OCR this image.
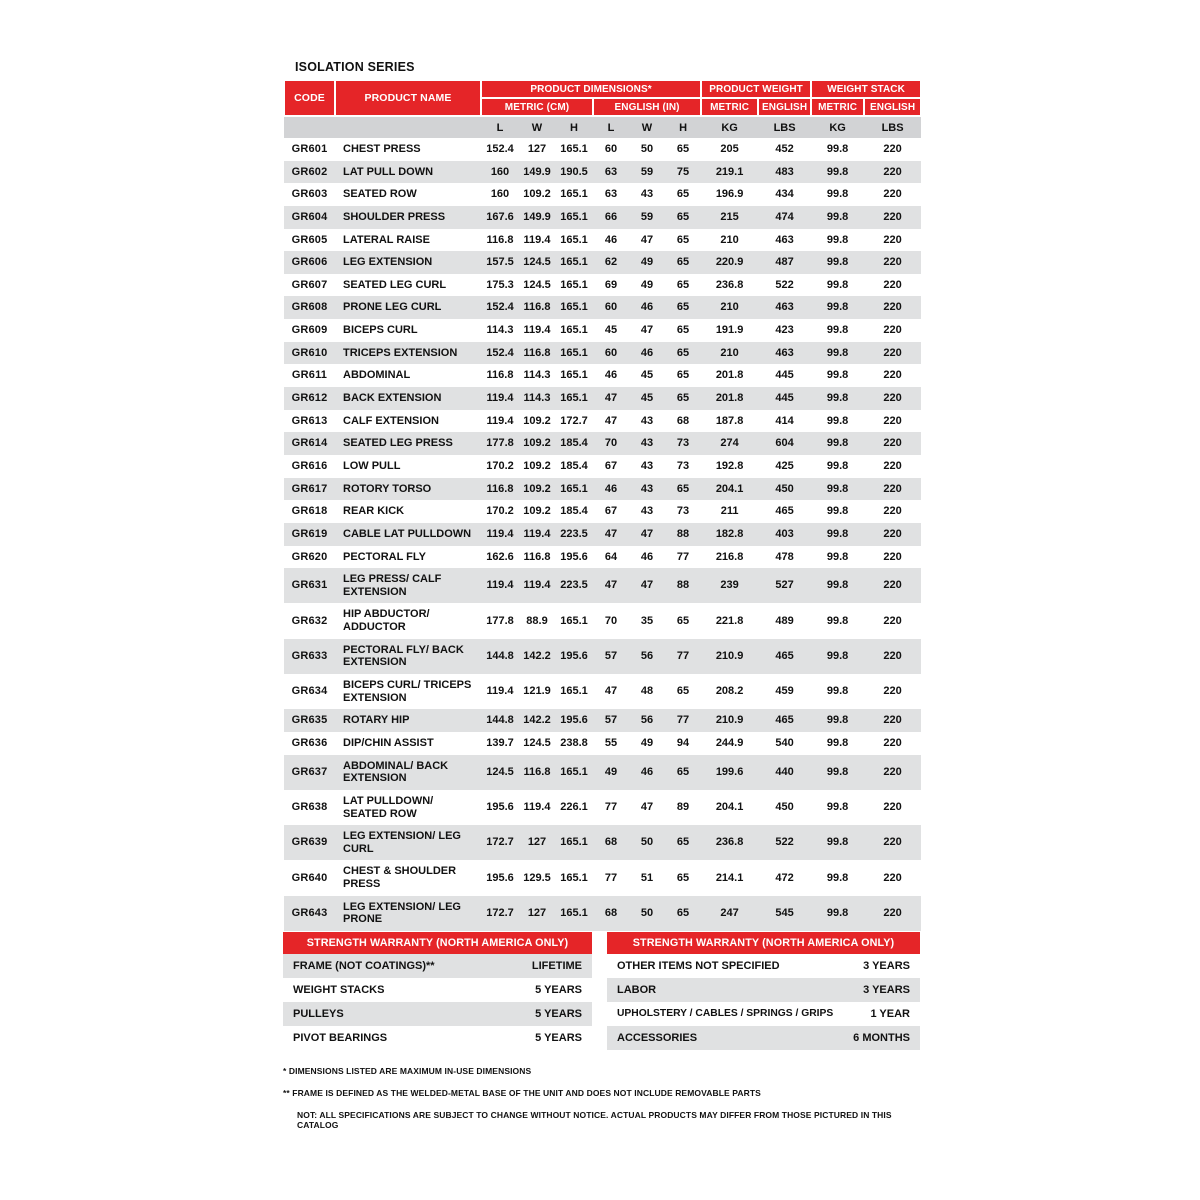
ISOLATION SERIES
CODE	PRODUCT NAME	PRODUCT DIMENSIONS*						PRODUCT WEIGHT		WEIGHT STACK	
		METRIC (CM)			ENGLISH (IN)			METRIC	ENGLISH	METRIC	ENGLISH
		L	W	H	L	W	H	KG	LBS	KG	LBS
GR601	CHEST PRESS	152.4	127	165.1	60	50	65	205	452	99.8	220
GR602	LAT PULL DOWN	160	149.9	190.5	63	59	75	219.1	483	99.8	220
GR603	SEATED ROW	160	109.2	165.1	63	43	65	196.9	434	99.8	220
GR604	SHOULDER PRESS	167.6	149.9	165.1	66	59	65	215	474	99.8	220
GR605	LATERAL RAISE	116.8	119.4	165.1	46	47	65	210	463	99.8	220
GR606	LEG EXTENSION	157.5	124.5	165.1	62	49	65	220.9	487	99.8	220
GR607	SEATED LEG CURL	175.3	124.5	165.1	69	49	65	236.8	522	99.8	220
GR608	PRONE LEG CURL	152.4	116.8	165.1	60	46	65	210	463	99.8	220
GR609	BICEPS CURL	114.3	119.4	165.1	45	47	65	191.9	423	99.8	220
GR610	TRICEPS EXTENSION	152.4	116.8	165.1	60	46	65	210	463	99.8	220
GR611	ABDOMINAL	116.8	114.3	165.1	46	45	65	201.8	445	99.8	220
GR612	BACK EXTENSION	119.4	114.3	165.1	47	45	65	201.8	445	99.8	220
GR613	CALF EXTENSION	119.4	109.2	172.7	47	43	68	187.8	414	99.8	220
GR614	SEATED LEG PRESS	177.8	109.2	185.4	70	43	73	274	604	99.8	220
GR616	LOW PULL	170.2	109.2	185.4	67	43	73	192.8	425	99.8	220
GR617	ROTORY TORSO	116.8	109.2	165.1	46	43	65	204.1	450	99.8	220
GR618	REAR KICK	170.2	109.2	185.4	67	43	73	211	465	99.8	220
GR619	CABLE LAT PULLDOWN	119.4	119.4	223.5	47	47	88	182.8	403	99.8	220
GR620	PECTORAL FLY	162.6	116.8	195.6	64	46	77	216.8	478	99.8	220
GR631	LEG PRESS/ CALF EXTENSION	119.4	119.4	223.5	47	47	88	239	527	99.8	220
GR632	HIP ABDUCTOR/ ADDUCTOR	177.8	88.9	165.1	70	35	65	221.8	489	99.8	220
GR633	PECTORAL FLY/ BACK EXTENSION	144.8	142.2	195.6	57	56	77	210.9	465	99.8	220
GR634	BICEPS CURL/ TRICEPS EXTENSION	119.4	121.9	165.1	47	48	65	208.2	459	99.8	220
GR635	ROTARY HIP	144.8	142.2	195.6	57	56	77	210.9	465	99.8	220
GR636	DIP/CHIN ASSIST	139.7	124.5	238.8	55	49	94	244.9	540	99.8	220
GR637	ABDOMINAL/ BACK EXTENSION	124.5	116.8	165.1	49	46	65	199.6	440	99.8	220
GR638	LAT PULLDOWN/ SEATED ROW	195.6	119.4	226.1	77	47	89	204.1	450	99.8	220
GR639	LEG EXTENSION/ LEG CURL	172.7	127	165.1	68	50	65	236.8	522	99.8	220
GR640	CHEST & SHOULDER PRESS	195.6	129.5	165.1	77	51	65	214.1	472	99.8	220
GR643	LEG EXTENSION/ LEG PRONE	172.7	127	165.1	68	50	65	247	545	99.8	220
STRENGTH WARRANTY (NORTH AMERICA ONLY)
FRAME (NOT COATINGS)**	LIFETIME
WEIGHT STACKS	5 YEARS
PULLEYS	5 YEARS
PIVOT BEARINGS	5 YEARS
STRENGTH WARRANTY (NORTH AMERICA ONLY)
OTHER ITEMS NOT SPECIFIED	3 YEARS
LABOR	3 YEARS
UPHOLSTERY / CABLES / SPRINGS / GRIPS	1 YEAR
ACCESSORIES	6 MONTHS
* DIMENSIONS LISTED ARE MAXIMUM IN-USE DIMENSIONS
** FRAME IS DEFINED AS THE WELDED-METAL BASE OF THE UNIT AND DOES NOT INCLUDE REMOVABLE PARTS
NOT: ALL SPECIFICATIONS ARE SUBJECT TO CHANGE WITHOUT NOTICE. ACTUAL PRODUCTS MAY DIFFER FROM THOSE PICTURED IN THIS CATALOG
